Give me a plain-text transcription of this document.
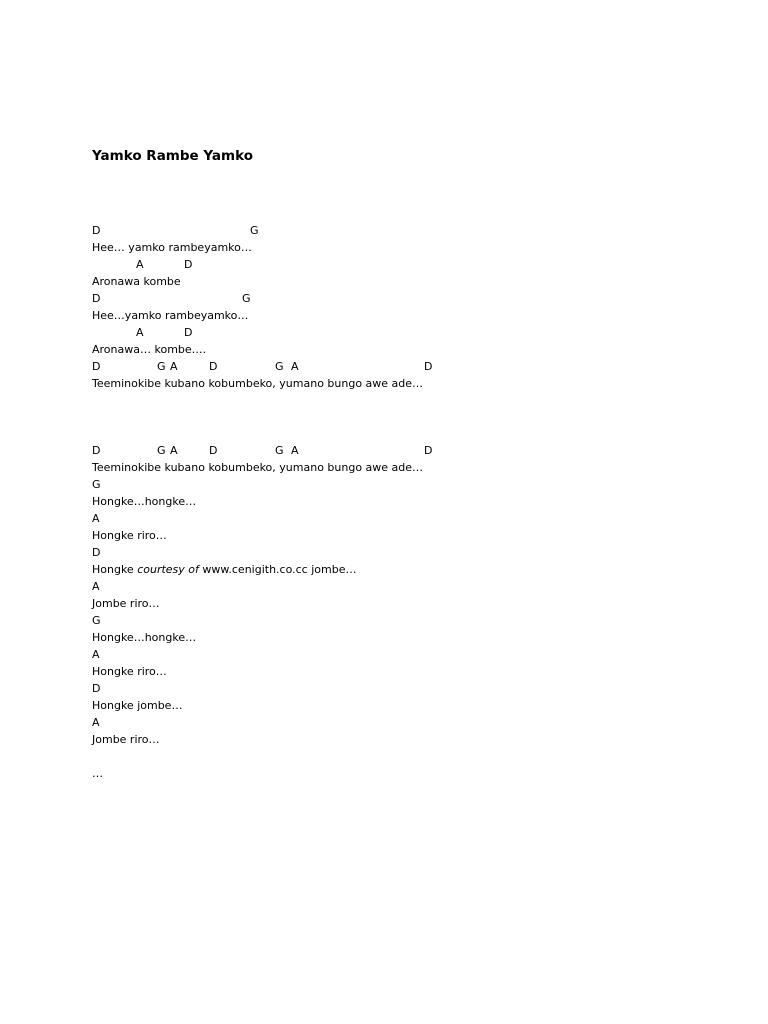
Yamko Rambe Yamko
D	G
Hee… yamko rambeyamko…
A	D
Aronawa kombe
D	G
Hee…yamko rambeyamko…
A	D
Aronawa… kombe….
D	G A	D	G A	D
Teeminokibe kubano kobumbeko, yumano bungo awe ade…
D	G A	D	G A	D
Teeminokibe kubano kobumbeko, yumano bungo awe ade…
G
Hongke…hongke…
A
Hongke riro…
D
Hongke courtesy of www.cenigith.co.cc jombe…
A
Jombe riro…
G
Hongke…hongke…
A
Hongke riro…
D
Hongke jombe…
A
Jombe riro…
…
